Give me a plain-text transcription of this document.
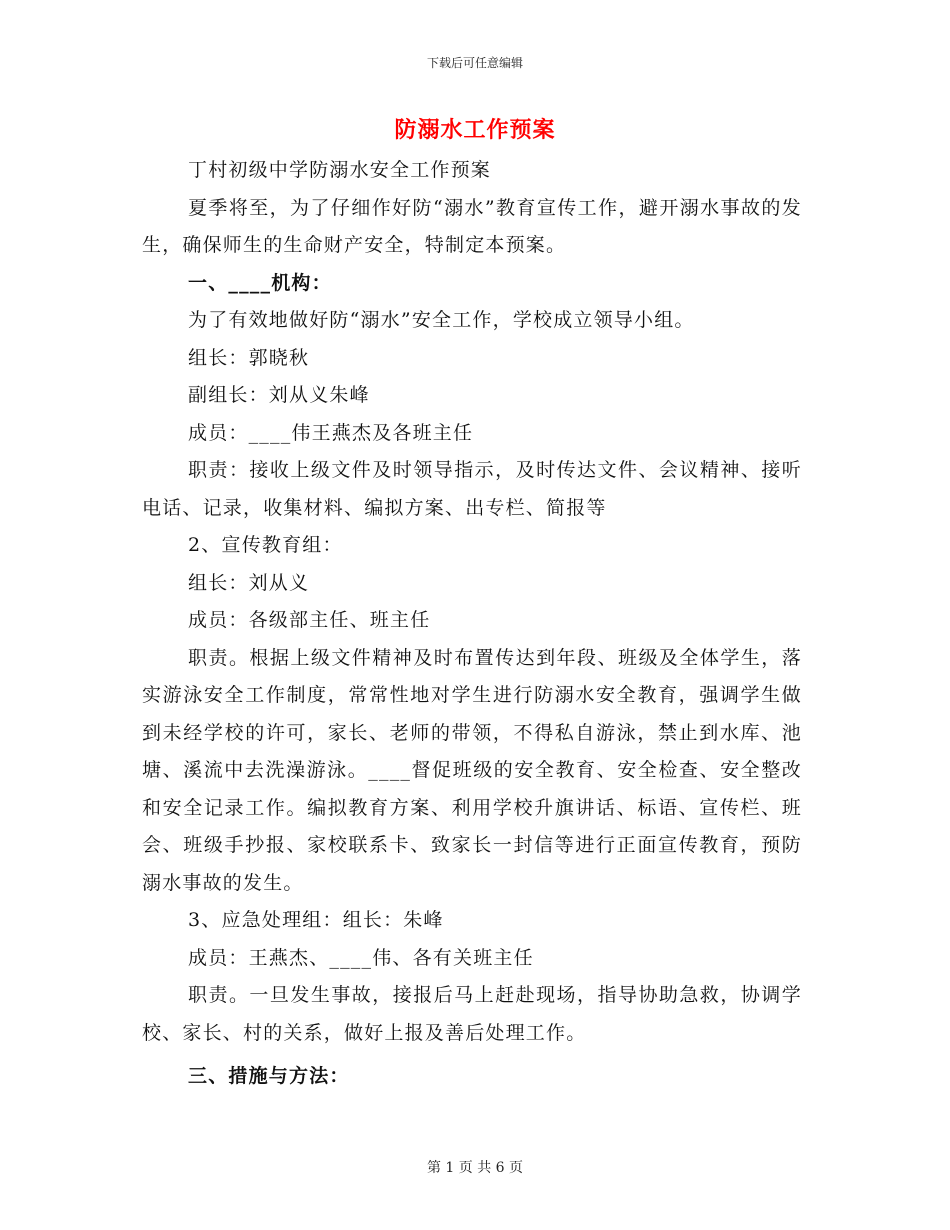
下载后可任意编辑
防溺水工作预案

丁村初级中学防溺水安全工作预案

夏季将至，为了仔细作好防“溺水”教育宣传工作，避开溺水事故的发生，确保师生的生命财产安全，特制定本预案。

一、____机构：

为了有效地做好防“溺水”安全工作，学校成立领导小组。

组长：郭晓秋

副组长：刘从义朱峰

成员：____伟王燕杰及各班主任

职责：接收上级文件及时领导指示，及时传达文件、会议精神、接听电话、记录，收集材料、编拟方案、出专栏、简报等

2、宣传教育组：

组长：刘从义

成员：各级部主任、班主任

职责。根据上级文件精神及时布置传达到年段、班级及全体学生，落实游泳安全工作制度，常常性地对学生进行防溺水安全教育，强调学生做到未经学校的许可，家长、老师的带领，不得私自游泳，禁止到水库、池塘、溪流中去洗澡游泳。____督促班级的安全教育、安全检查、安全整改和安全记录工作。编拟教育方案、利用学校升旗讲话、标语、宣传栏、班会、班级手抄报、家校联系卡、致家长一封信等进行正面宣传教育，预防溺水事故的发生。

3、应急处理组：组长：朱峰

成员：王燕杰、____伟、各有关班主任

职责。一旦发生事故，接报后马上赶赴现场，指导协助急救，协调学校、家长、村的关系，做好上报及善后处理工作。

三、措施与方法：

第 1 页 共 6 页
